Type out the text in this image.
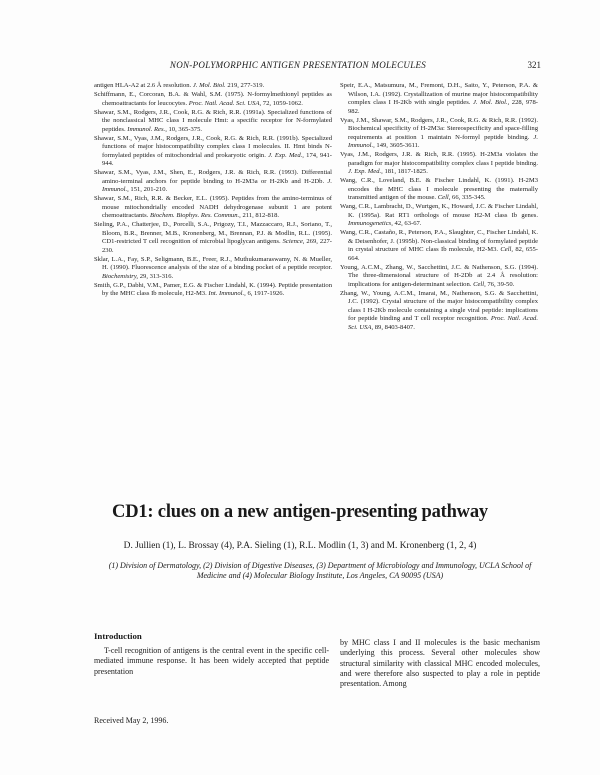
NON-POLYMORPHIC ANTIGEN PRESENTATION MOLECULES	321

antigen HLA-A2 at 2.6 Å resolution. J. Mol. Biol. 219, 277-319.

Schiffmann, E., Corcoran, B.A. & Wahl, S.M. (1975). N-formylmethionyl peptides as chemoattractants for leucocytes. Proc. Natl. Acad. Sci. USA, 72, 1059-1062.

Shawar, S.M., Rodgers, J.R., Cook, R.G. & Rich, R.R. (1991a). Specialized functions of the nonclassical MHC class I molecule Hmt: a specific receptor for N-formylated peptides. Immunol. Res., 10, 365-375.

Shawar, S.M., Vyas, J.M., Rodgers, J.R., Cook, R.G. & Rich, R.R. (1991b). Specialized functions of major histocompatibility complex class I molecules. II. Hmt binds N-formylated peptides of mitochondrial and prokaryotic origin. J. Exp. Med., 174, 941-944.

Shawar, S.M., Vyas, J.M., Shen, E., Rodgers, J.R. & Rich, R.R. (1993). Differential amino-terminal anchors for peptide binding to H-2M3a or H-2Kb and H-2Db. J. Immunol., 151, 201-210.

Shawar, S.M., Rich, R.R. & Becker, E.L. (1995). Peptides from the amino-terminus of mouse mitochondrially encoded NADH dehydrogenase subunit 1 are potent chemoattractants. Biochem. Biophys. Res. Commun., 211, 812-818.

Sieling, P.A., Chatterjee, D., Porcelli, S.A., Prigozy, T.I., Mazzaccaro, R.J., Soriano, T., Bloom, B.R., Brenner, M.B., Kronenberg, M., Brennan, P.J. & Modlin, R.L. (1995). CD1-restricted T cell recognition of microbial lipoglycan antigens. Science, 269, 227-230.

Sklar, L.A., Fay, S.P., Seligmann, B.E., Freer, R.J., Muthukumaraswamy, N. & Mueller, H. (1990). Fluorescence analysis of the size of a binding pocket of a peptide receptor. Biochemistry, 29, 313-316.

Smith, G.P., Dabhi, V.M., Pamer, E.G. & Fischer Lindahl, K. (1994). Peptide presentation by the MHC class Ib molecule, H2-M3. Int. Immunol., 6, 1917-1926.

Speir, E.A., Matsumura, M., Fremont, D.H., Saito, Y., Peterson, P.A. & Wilson, I.A. (1992). Crystallization of murine major histocompatibility complex class I H-2Kb with single peptides. J. Mol. Biol., 228, 978-982.

Vyas, J.M., Shawar, S.M., Rodgers, J.R., Cook, R.G. & Rich, R.R. (1992). Biochemical specificity of H-2M3a: Stereospecificity and space-filling requirements at position 1 maintain N-formyl peptide binding. J. Immunol., 149, 3605-3611.

Vyas, J.M., Rodgers, J.R. & Rich, R.R. (1995). H-2M3a violates the paradigm for major histocompatibility complex class I peptide binding. J. Exp. Med., 181, 1817-1825.

Wang, C.R., Loveland, B.E. & Fischer Lindahl, K. (1991). H-2M3 encodes the MHC class I molecule presenting the maternally transmitted antigen of the mouse. Cell, 66, 335-345.

Wang, C.R., Lambracht, D., Wurtgen, K., Howard, J.C. & Fischer Lindahl, K. (1995a). Rat RT1 orthologs of mouse H2-M class Ib genes. Immunogenetics, 42, 63-67.

Wang, C.R., Castaño, R., Peterson, P.A., Slaughter, C., Fischer Lindahl, K. & Deisenhofer, J. (1995b). Non-classical binding of formylated peptide in crystal structure of MHC class Ib molecule, H2-M3. Cell, 82, 655-664.

Young, A.C.M., Zhang, W., Sacchettini, J.C. & Nathenson, S.G. (1994). The three-dimensional structure of H-2Db at 2.4 Å resolution: implications for antigen-determinant selection. Cell, 76, 39-50.

Zhang, W., Young, A.C.M., Imarai, M., Nathenson, S.G. & Sacchettini, J.C. (1992). Crystal structure of the major histocompatibility complex class I H-2Kb molecule containing a single viral peptide: implications for peptide binding and T cell receptor recognition. Proc. Natl. Acad. Sci. USA, 89, 8403-8407.

CD1: clues on a new antigen-presenting pathway
D. Jullien (1), L. Brossay (4), P.A. Sieling (1), R.L. Modlin (1, 3) and M. Kronenberg (1, 2, 4)
(1) Division of Dermatology, (2) Division of Digestive Diseases, (3) Department of Microbiology and Immunology, UCLA School of Medicine and (4) Molecular Biology Institute, Los Angeles, CA 90095 (USA)
Introduction

T-cell recognition of antigens is the central event in the specific cell-mediated immune response. It has been widely accepted that peptide presentation

by MHC class I and II molecules is the basic mechanism underlying this process. Several other molecules show structural similarity with classical MHC encoded molecules, and were therefore also suspected to play a role in peptide presentation. Among

Received May 2, 1996.
